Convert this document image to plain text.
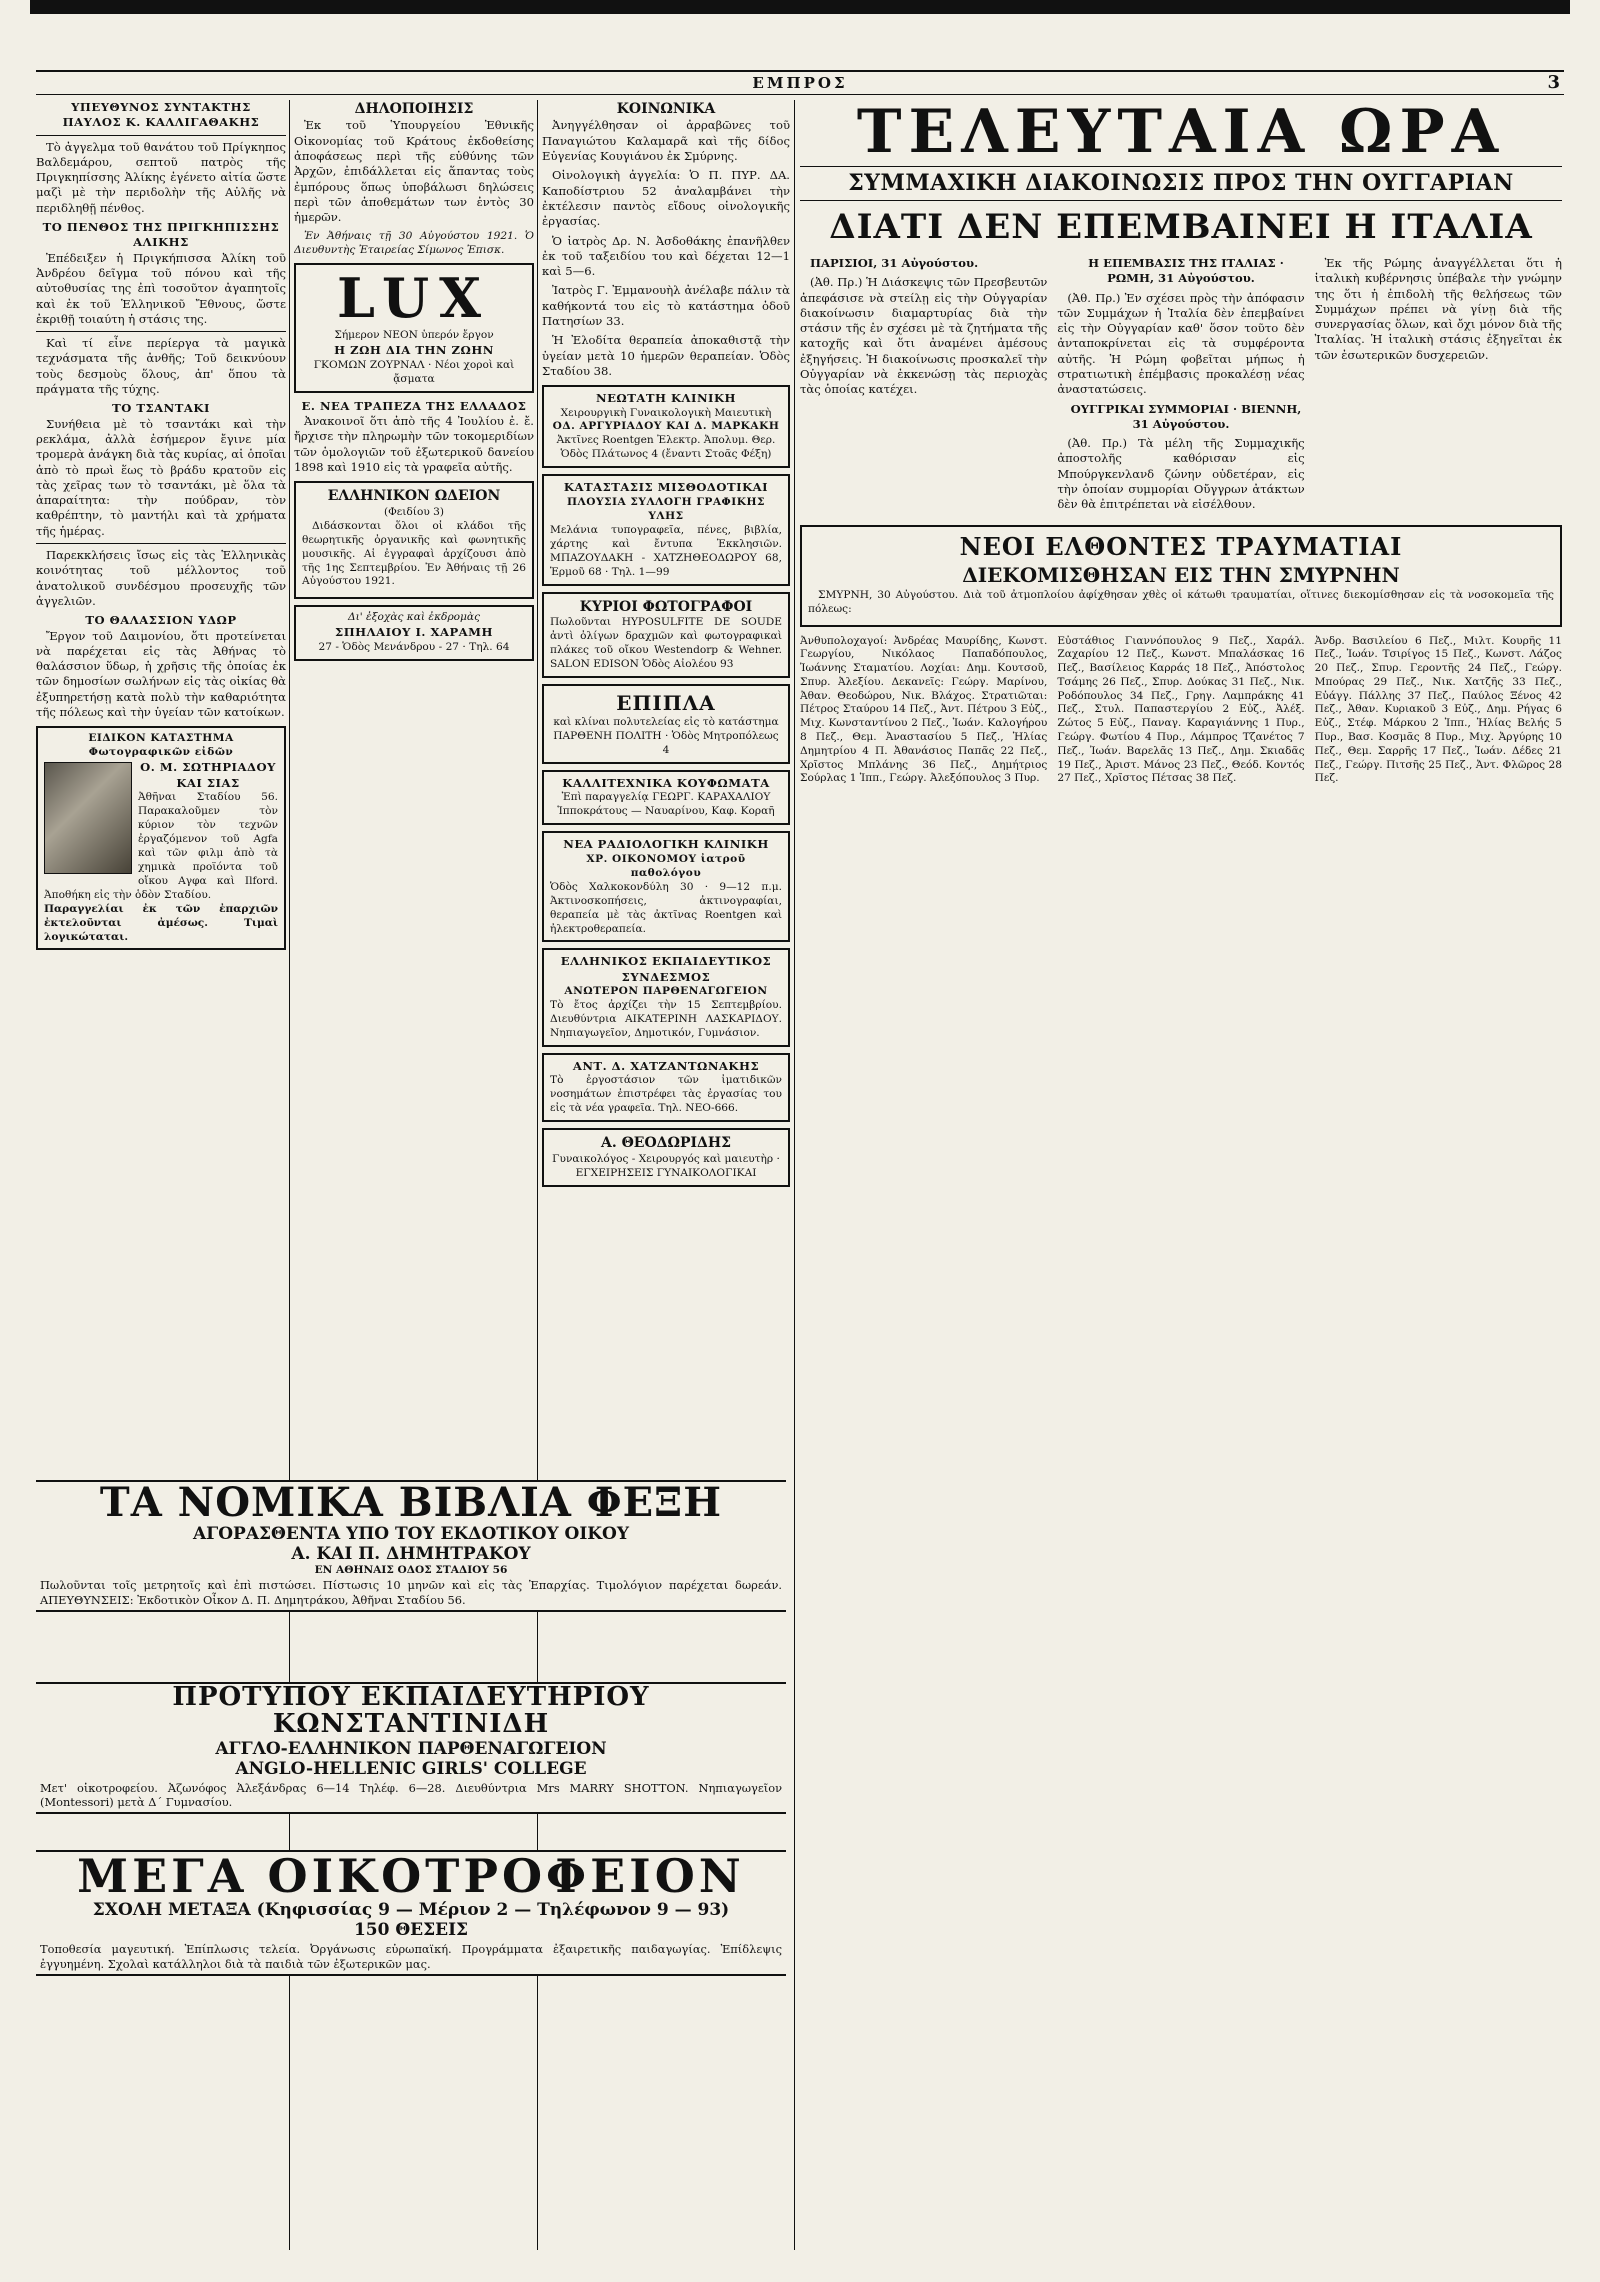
ΕΜΠΡΟΣ	3
ΥΠΕΥΘΥΝΟΣ ΣΥΝΤΑΚΤΗΣ
ΠΑΥΛΟΣ Κ. ΚΑΛΛΙΓΑΘΑΚΗΣ

Τὸ ἀγγελμα τοῦ θανάτου τοῦ Πρίγκηπος Βαλδεμάρου, σεπτοῦ πατρὸς τῆς Πριγκηπίσσης Ἀλίκης ἐγένετο αἰτία ὥστε μαζὶ μὲ τὴν περιδολὴν τῆς Αὐλῆς νὰ περιδληθῇ πένθος.

ΤΟ ΠΕΝΘΟΣ ΤΗΣ ΠΡΙΓΚΗΠΙΣΣΗΣ ΑΛΙΚΗΣ

Ἐπέδειξεν ἡ Πριγκήπισσα Ἀλίκη τοῦ Ἀνδρέου δεῖγμα τοῦ πόνου καὶ τῆς αὐτοθυσίας της ἐπὶ τοσοῦτον ἀγαπητοῖς καὶ ἐκ τοῦ Ἑλληνικοῦ Ἔθνους, ὥστε ἐκριθῇ τοιαύτη ἡ στάσις της.

Καὶ τί εἶνε περίεργα τὰ μαγικὰ τεχνάσματα τῆς ἀνθῆς; Τοῦ δεικνύουν τοὺς δεσμοὺς ὅλους, ἀπ' ὅπου τὰ πράγματα τῆς τύχης.

ΤΟ ΤΣΑΝΤΑΚΙ

Συνήθεια μὲ τὸ τσαντάκι καὶ τὴν ρεκλάμα, ἀλλὰ ἐσήμερον ἔγινε μία τρομερὰ ἀνάγκη διὰ τὰς κυρίας, αἱ ὁποῖαι ἀπὸ τὸ πρωὶ ἕως τὸ βράδυ κρατοῦν εἰς τὰς χεῖρας των τὸ τσαντάκι, μὲ ὅλα τὰ ἀπαραίτητα: τὴν πούδραν, τὸν καθρέπτην, τὸ μαντήλι καὶ τὰ χρήματα τῆς ἡμέρας.

Παρεκκλήσεις ἴσως εἰς τὰς Ἑλληνικὰς κοινότητας τοῦ μέλλοντος τοῦ ἀνατολικοῦ συνδέσμου προσευχῆς τῶν ἀγγελιῶν.

ΤΟ ΘΑΛΑΣΣΙΟΝ ΥΔΩΡ

Ἔργον τοῦ Δαιμονίου, ὅτι προτείνεται νὰ παρέχεται εἰς τὰς Ἀθήνας τὸ θαλάσσιον ὕδωρ, ἡ χρῆσις τῆς ὁποίας ἐκ τῶν δημοσίων σωλήνων εἰς τὰς οἰκίας θὰ ἐξυπηρετήσῃ κατὰ πολὺ τὴν καθαριότητα τῆς πόλεως καὶ τὴν ὑγείαν τῶν κατοίκων.

ΕΙΔΙΚΟΝ ΚΑΤΑΣΤΗΜΑ Φωτογραφικῶν εἰδῶν
Ο. Μ. ΣΩΤΗΡΙΑΔΟΥ ΚΑΙ ΣΙΑΣ
Ἀθῆναι Σταδίου 56. Παρακαλοῦμεν τὸν κύριον τὸν τεχνῶν ἐργαζόμενον τοῦ Agfa καὶ τῶν φιλμ ἀπὸ τὰ χημικὰ προϊόντα τοῦ οἴκου Αγφα καὶ Ilford. Ἀποθήκη εἰς τὴν ὁδὸν Σταδίου.
Παραγγελίαι ἐκ τῶν ἐπαρχιῶν ἐκτελοῦνται ἀμέσως. Τιμαὶ λογικώταται.
ΔΗΛΟΠΟΙΗΣΙΣ

Ἐκ τοῦ Ὑπουργείου Ἐθνικῆς Οἰκονομίας τοῦ Κράτους ἐκδοθείσης ἀποφάσεως περὶ τῆς εὐθύνης τῶν Ἀρχῶν, ἐπιδάλλεται εἰς ἅπαντας τοὺς ἐμπόρους ὅπως ὑποβάλωσι δηλώσεις περὶ τῶν ἀποθεμάτων των ἐντὸς 30 ἡμερῶν.

Ἐν Ἀθήναις τῇ 30 Αὐγούστου 1921. Ὁ Διευθυντὴς Ἐταιρείας Σίμωνος Ἐπισκ.

LUX
Σήμερον ΝΕΟΝ ὑπερόν ἔργον
Η ΖΩΗ ΔΙΑ ΤΗΝ ΖΩΗΝ
ΓΚΟΜΩΝ ΖΟΥΡΝΑΛ · Νέοι χοροὶ καὶ ᾄσματα
Ε. ΝΕΑ ΤΡΑΠΕΖΑ ΤΗΣ ΕΛΛΑΔΟΣ

Ἀνακοινοῖ ὅτι ἀπὸ τῆς 4 Ἰουλίου ἐ. ἔ. ἤρχισε τὴν πληρωμὴν τῶν τοκομεριδίων τῶν ὁμολογιῶν τοῦ ἐξωτερικοῦ δανείου 1898 καὶ 1910 εἰς τὰ γραφεῖα αὐτῆς.

ΕΛΛΗΝΙΚΟΝ ΩΔΕΙΟΝ
(Φειδίου 3)

Διδάσκονται ὅλοι οἱ κλάδοι τῆς θεωρητικῆς ὀργανικῆς καὶ φωνητικῆς μουσικῆς. Αἱ ἐγγραφαὶ ἀρχίζουσι ἀπὸ τῆς 1ης Σεπτεμβρίου. Ἐν Ἀθήναις τῇ 26 Αὐγούστου 1921.

Δι' ἐξοχὰς καὶ ἐκδρομὰς
ΣΠΗΛΑΙΟΥ Ι. ΧΑΡΑΜΗ
27 - Ὁδὸς Μενάνδρου - 27 · Τηλ. 64
ΚΟΙΝΩΝΙΚΑ

Ἀνηγγέλθησαν οἱ ἀρραβῶνες τοῦ Παναγιώτου Καλαμαρᾶ καὶ τῆς δίδος Εὐγενίας Κουγιάνου ἐκ Σμύρνης.

Οἰνολογικὴ ἀγγελία: Ὁ Π. ΠΥΡ. ΔΑ. Καποδίστριου 52 ἀναλαμβάνει τὴν ἐκτέλεσιν παντὸς εἴδους οἰνολογικῆς ἐργασίας.

Ὁ ἰατρὸς Δρ. Ν. Ἀσδοθάκης ἐπανῆλθεν ἐκ τοῦ ταξειδίου του καὶ δέχεται 12—1 καὶ 5—6.

Ἰατρὸς Γ. Ἐμμανουὴλ ἀνέλαβε πάλιν τὰ καθήκοντά του εἰς τὸ κατάστημα ὁδοῦ Πατησίων 33.

Ἡ Ἐλοδίτα θεραπεία ἀποκαθιστᾷ τὴν ὑγείαν μετὰ 10 ἡμερῶν θεραπείαν. Ὁδὸς Σταδίου 38.

ΝΕΩΤΑΤΗ ΚΛΙΝΙΚΗ
Χειρουργικὴ Γυναικολογικὴ Μαιευτικὴ
ΟΔ. ΑΡΓΥΡΙΑΔΟΥ ΚΑΙ Δ. ΜΑΡΚΑΚΗ
Ἀκτῖνες Roentgen Ἐλεκτρ. Ἀπολυμ. Θερ. Ὁδὸς Πλάτωνος 4 (ἔναντι Στοᾶς Φέξη)
ΚΑΤΑΣΤΑΣΙΣ ΜΙΣΘΟΔΟΤΙΚΑΙ
ΠΛΟΥΣΙΑ ΣΥΛΛΟΓΗ ΓΡΑΦΙΚΗΣ ΥΛΗΣ
Μελάνια τυπογραφεῖα, πένες, βιβλία, χάρτης καὶ ἔντυπα Ἐκκλησιῶν. ΜΠΑΖΟΥΔΑΚΗ - ΧΑΤΖΗΘΕΟΔΩΡΟΥ 68, Ἑρμοῦ 68 · Τηλ. 1—99
ΚΥΡΙΟΙ ΦΩΤΟΓΡΑΦΟΙ
Πωλοῦνται HYPOSULFITE DE SOUDE ἀντὶ ὀλίγων δραχμῶν καὶ φωτογραφικαὶ πλάκες τοῦ οἴκου Westendorp & Wehner. SALON EDISON Ὁδὸς Αἰολέου 93
ΕΠΙΠΛΑ
καὶ κλίναι πολυτελείας εἰς τὸ κατάστημα ΠΑΡΘΕΝΗ ΠΟΛΙΤΗ · Ὁδὸς Μητροπόλεως 4
ΚΑΛΛΙΤΕΧΝΙΚΑ ΚΟΥΦΩΜΑΤΑ
Ἐπὶ παραγγελίᾳ ΓΕΩΡΓ. ΚΑΡΑΧΑΛΙΟΥ Ἱπποκράτους — Ναυαρίνου, Καφ. Κοραῆ
ΝΕΑ ΡΑΔΙΟΛΟΓΙΚΗ ΚΛΙΝΙΚΗ
ΧΡ. ΟΙΚΟΝΟΜΟΥ ἰατροῦ παθολόγου
Ὁδὸς Χαλκοκονδύλη 30 · 9—12 π.μ. Ἀκτινοσκοπήσεις, ἀκτινογραφίαι, θεραπεία μὲ τὰς ἀκτῖνας Roentgen καὶ ἠλεκτροθεραπεία.
ΕΛΛΗΝΙΚΟΣ ΕΚΠΑΙΔΕΥΤΙΚΟΣ ΣΥΝΔΕΣΜΟΣ
ΑΝΩΤΕΡΟΝ ΠΑΡΘΕΝΑΓΩΓΕΙΟΝ
Τὸ ἔτος ἀρχίζει τὴν 15 Σεπτεμβρίου. Διευθύντρια ΑΙΚΑΤΕΡΙΝΗ ΛΑΣΚΑΡΙΔΟΥ. Νηπιαγωγεῖον, Δημοτικόν, Γυμνάσιον.
ΑΝΤ. Δ. ΧΑΤΖΑΝΤΩΝΑΚΗΣ
Τὸ ἐργοστάσιον τῶν ἰματιδικῶν νοσημάτων ἐπιστρέφει τὰς ἐργασίας του εἰς τὰ νέα γραφεῖα. Τηλ. ΝΕΟ-666.
Α. ΘΕΟΔΩΡΙΔΗΣ
Γυναικολόγος - Χειρουργός καὶ μαιευτὴρ · ΕΓΧΕΙΡΗΣΕΙΣ ΓΥΝΑΙΚΟΛΟΓΙΚΑΙ
ΤΑ ΝΟΜΙΚΑ ΒΙΒΛΙΑ ΦΕΞΗ
ΑΓΟΡΑΣΘΕΝΤΑ ΥΠΟ ΤΟΥ ΕΚΔΟΤΙΚΟΥ ΟΙΚΟΥ
Α. ΚΑΙ Π. ΔΗΜΗΤΡΑΚΟΥ
ΕΝ ΑΘΗΝΑΙΣ ΟΔΟΣ ΣΤΑΔΙΟΥ 56
Πωλοῦνται τοῖς μετρητοῖς καὶ ἐπὶ πιστώσει. Πίστωσις 10 μηνῶν καὶ εἰς τὰς Ἐπαρχίας. Τιμολόγιον παρέχεται δωρεάν. ΑΠΕΥΘΥΝΣΕΙΣ: Ἐκδοτικὸν Οἶκον Δ. Π. Δημητράκου, Ἀθῆναι Σταδίου 56.
ΠΡΟΤΥΠΟΥ ΕΚΠΑΙΔΕΥΤΗΡΙΟΥ ΚΩΝΣΤΑΝΤΙΝΙΔΗ
ΑΓΓΛΟ-ΕΛΛΗΝΙΚΟΝ ΠΑΡΘΕΝΑΓΩΓΕΙΟΝ
ANGLO-HELLENIC GIRLS' COLLEGE
Μετ' οἰκοτροφείου. Ἀζωνόφος Ἀλεξάνδρας 6—14 Τηλέφ. 6—28. Διευθύντρια Mrs MARRY SHOTTON. Νηπιαγωγεῖον (Montessori) μετὰ Δ΄ Γυμνασίου.
ΜΕΓΑ ΟΙΚΟΤΡΟΦΕΙΟΝ
ΣΧΟΛΗ ΜΕΤΑΞΑ (Κηφισσίας 9 — Μέριον 2 — Τηλέφωνον 9 — 93)
150 ΘΕΣΕΙΣ
Τοποθεσία μαγευτική. Ἐπίπλωσις τελεία. Ὀργάνωσις εὐρωπαϊκή. Προγράμματα ἐξαιρετικῆς παιδαγωγίας. Ἐπίδλεψις ἐγγυημένη. Σχολαὶ κατάλληλοι διὰ τὰ παιδιὰ τῶν ἐξωτερικῶν μας.
ΤΕΛΕΥΤΑΙΑ ΩΡΑ
ΣΥΜΜΑΧΙΚΗ ΔΙΑΚΟΙΝΩΣΙΣ ΠΡΟΣ ΤΗΝ ΟΥΓΓΑΡΙΑΝ
ΔΙΑΤΙ ΔΕΝ ΕΠΕΜΒΑΙΝΕΙ Η ΙΤΑΛΙΑ

ΠΑΡΙΣΙΟΙ, 31 Αὐγούστου.

(Ἀθ. Πρ.) Ἡ Διάσκεψις τῶν Πρεσβευτῶν ἀπεφάσισε νὰ στείλῃ εἰς τὴν Οὐγγαρίαν διακοίνωσιν διαμαρτυρίας διὰ τὴν στάσιν τῆς ἐν σχέσει μὲ τὰ ζητήματα τῆς κατοχῆς καὶ ὅτι ἀναμένει ἀμέσους ἐξηγήσεις. Ἡ διακοίνωσις προσκαλεῖ τὴν Οὐγγαρίαν νὰ ἐκκενώσῃ τὰς περιοχὰς τὰς ὁποίας κατέχει.

Η ΕΠΕΜΒΑΣΙΣ ΤΗΣ ΙΤΑΛΙΑΣ · ΡΩΜΗ, 31 Αὐγούστου.

(Ἀθ. Πρ.) Ἐν σχέσει πρὸς τὴν ἀπόφασιν τῶν Συμμάχων ἡ Ἰταλία δὲν ἐπεμβαίνει εἰς τὴν Οὐγγαρίαν καθ' ὅσον τοῦτο δὲν ἀνταποκρίνεται εἰς τὰ συμφέροντα αὐτῆς. Ἡ Ρώμη φοβεῖται μήπως ἡ στρατιωτικὴ ἐπέμβασις προκαλέσῃ νέας ἀναστατώσεις.

ΟΥΓΓΡΙΚΑΙ ΣΥΜΜΟΡΙΑΙ · ΒΙΕΝΝΗ, 31 Αὐγούστου.

(Ἀθ. Πρ.) Τὰ μέλη τῆς Συμμαχικῆς ἀποστολῆς καθόρισαν εἰς Μπούργκενλανδ ζώνην οὐδετέραν, εἰς τὴν ὁποίαν συμμορίαι Οὔγγρων ἀτάκτων δὲν θὰ ἐπιτρέπεται νὰ εἰσέλθουν.

Ἐκ τῆς Ρώμης ἀναγγέλλεται ὅτι ἡ ἰταλικὴ κυβέρνησις ὑπέβαλε τὴν γνώμην της ὅτι ἡ ἐπιδολὴ τῆς θελήσεως τῶν Συμμάχων πρέπει νὰ γίνῃ διὰ τῆς συνεργασίας ὅλων, καὶ ὄχι μόνον διὰ τῆς Ἰταλίας. Ἡ ἰταλικὴ στάσις ἐξηγεῖται ἐκ τῶν ἐσωτερικῶν δυσχερειῶν.

ΝΕΟΙ ΕΛΘΟΝΤΕΣ ΤΡΑΥΜΑΤΙΑΙ
ΔΙΕΚΟΜΙΣΘΗΣΑΝ ΕΙΣ ΤΗΝ ΣΜΥΡΝΗΝ

ΣΜΥΡΝΗ, 30 Αὐγούστου. Διὰ τοῦ ἀτμοπλοίου ἀφίχθησαν χθὲς οἱ κάτωθι τραυματίαι, οἵτινες διεκομίσθησαν εἰς τὰ νοσοκομεῖα τῆς πόλεως:

Ἀνθυπολοχαγοί: Ἀνδρέας Μαυρίδης, Κωνστ. Γεωργίου, Νικόλαος Παπαδόπουλος, Ἰωάννης Σταματίου. Λοχίαι: Δημ. Κουτσοῦ, Σπυρ. Ἀλεξίου. Δεκανεῖς: Γεώργ. Μαρίνου, Ἀθαν. Θεοδώρου, Νικ. Βλάχος. Στρατιῶται: Πέτρος Σταύρου 14 Πεζ., Ἀντ. Πέτρου 3 Εὐζ., Μιχ. Κωνσταντίνου 2 Πεζ., Ἰωάν. Καλογήρου 8 Πεζ., Θεμ. Ἀναστασίου 5 Πεζ., Ἠλίας Δημητρίου 4 Π. Ἀθανάσιος Παπᾶς 22 Πεζ., Χρῖστος Μπλάνης 36 Πεζ., Δημήτριος Σούρλας 1 Ἱππ., Γεώργ. Ἀλεξόπουλος 3 Πυρ.
Εὐστάθιος Γιαννόπουλος 9 Πεζ., Χαράλ. Ζαχαρίου 12 Πεζ., Κωνστ. Μπαλάσκας 16 Πεζ., Βασίλειος Καρράς 18 Πεζ., Ἀπόστολος Τσάμης 26 Πεζ., Σπυρ. Δούκας 31 Πεζ., Νικ. Ροδόπουλος 34 Πεζ., Γρηγ. Λαμπράκης 41 Πεζ., Στυλ. Παπαστεργίου 2 Εὐζ., Ἀλέξ. Ζώτος 5 Εὐζ., Παναγ. Καραγιάννης 1 Πυρ., Γεώργ. Φωτίου 4 Πυρ., Λάμπρος Τζανέτος 7 Πεζ., Ἰωάν. Βαρελᾶς 13 Πεζ., Δημ. Σκιαδᾶς 19 Πεζ., Ἀριστ. Μάνος 23 Πεζ., Θεόδ. Κοντός 27 Πεζ., Χρῖστος Πέτσας 38 Πεζ.
Ἀνδρ. Βασιλείου 6 Πεζ., Μιλτ. Κουρῆς 11 Πεζ., Ἰωάν. Τσιρίγος 15 Πεζ., Κωνστ. Λάζος 20 Πεζ., Σπυρ. Γεροντῆς 24 Πεζ., Γεώργ. Μπούρας 29 Πεζ., Νικ. Χατζῆς 33 Πεζ., Εὐάγγ. Πάλλης 37 Πεζ., Παύλος Ξένος 42 Πεζ., Ἀθαν. Κυριακοῦ 3 Εὐζ., Δημ. Ρήγας 6 Εὐζ., Στέφ. Μάρκου 2 Ἱππ., Ἠλίας Βελής 5 Πυρ., Βασ. Κοσμᾶς 8 Πυρ., Μιχ. Ἀργύρης 10 Πεζ., Θεμ. Σαρρῆς 17 Πεζ., Ἰωάν. Δέδες 21 Πεζ., Γεώργ. Πιτσῆς 25 Πεζ., Ἀντ. Φλῶρος 28 Πεζ.
